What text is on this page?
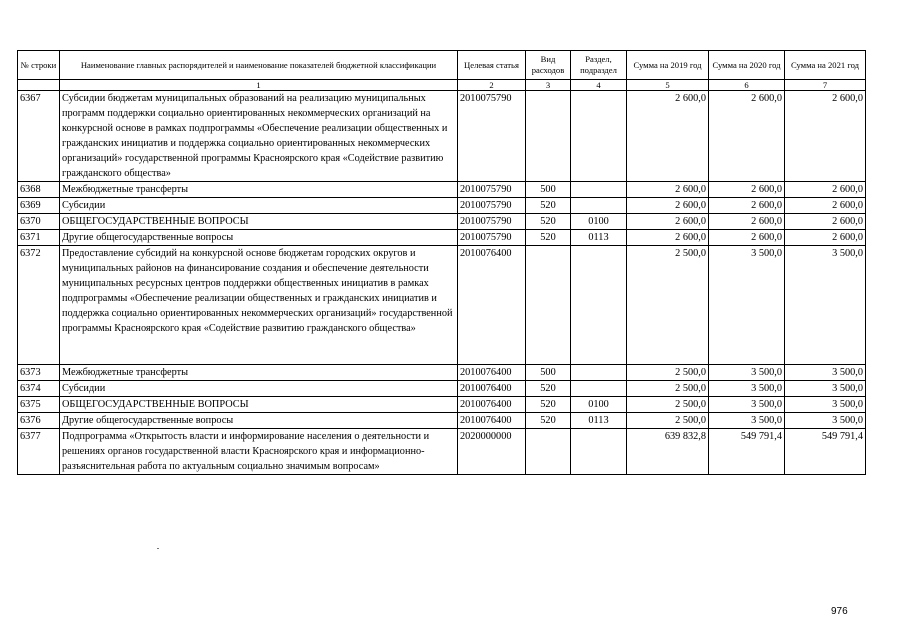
№ строки	Наименование главных распорядителей и наименование показателей бюджетной классификации	Целевая статья	Вид расходов	Раздел, подраздел	Сумма на 2019 год	Сумма на 2020 год	Сумма на 2021 год
	1	2	3	4	5	6	7
6367	Субсидии бюджетам муниципальных образований на реализацию муниципальных программ поддержки социально ориентированных некоммерческих организаций на конкурсной основе в рамках подпрограммы «Обеспечение реализации общественных и гражданских инициатив и поддержка социально ориентированных некоммерческих организаций» государственной программы Красноярского края «Содействие развитию гражданского общества»	2010075790			2 600,0	2 600,0	2 600,0
6368	Межбюджетные трансферты	2010075790	500		2 600,0	2 600,0	2 600,0
6369	Субсидии	2010075790	520		2 600,0	2 600,0	2 600,0
6370	ОБЩЕГОСУДАРСТВЕННЫЕ ВОПРОСЫ	2010075790	520	0100	2 600,0	2 600,0	2 600,0
6371	Другие общегосударственные вопросы	2010075790	520	0113	2 600,0	2 600,0	2 600,0
6372	Предоставление субсидий на конкурсной основе бюджетам городских округов и муниципальных районов на финансирование создания и обеспечение деятельности муниципальных ресурсных центров поддержки общественных инициатив в рамках подпрограммы «Обеспечение реализации общественных и гражданских инициатив и поддержка социально ориентированных некоммерческих организаций» государственной программы Красноярского края «Содействие развитию гражданского общества»	2010076400			2 500,0	3 500,0	3 500,0
6373	Межбюджетные трансферты	2010076400	500		2 500,0	3 500,0	3 500,0
6374	Субсидии	2010076400	520		2 500,0	3 500,0	3 500,0
6375	ОБЩЕГОСУДАРСТВЕННЫЕ ВОПРОСЫ	2010076400	520	0100	2 500,0	3 500,0	3 500,0
6376	Другие общегосударственные вопросы	2010076400	520	0113	2 500,0	3 500,0	3 500,0
6377	Подпрограмма «Открытость власти и информирование населения о деятельности и решениях органов государственной власти Красноярского края и информационно-разъяснительная работа по актуальным социально значимым вопросам»	2020000000			639 832,8	549 791,4	549 791,4
976
